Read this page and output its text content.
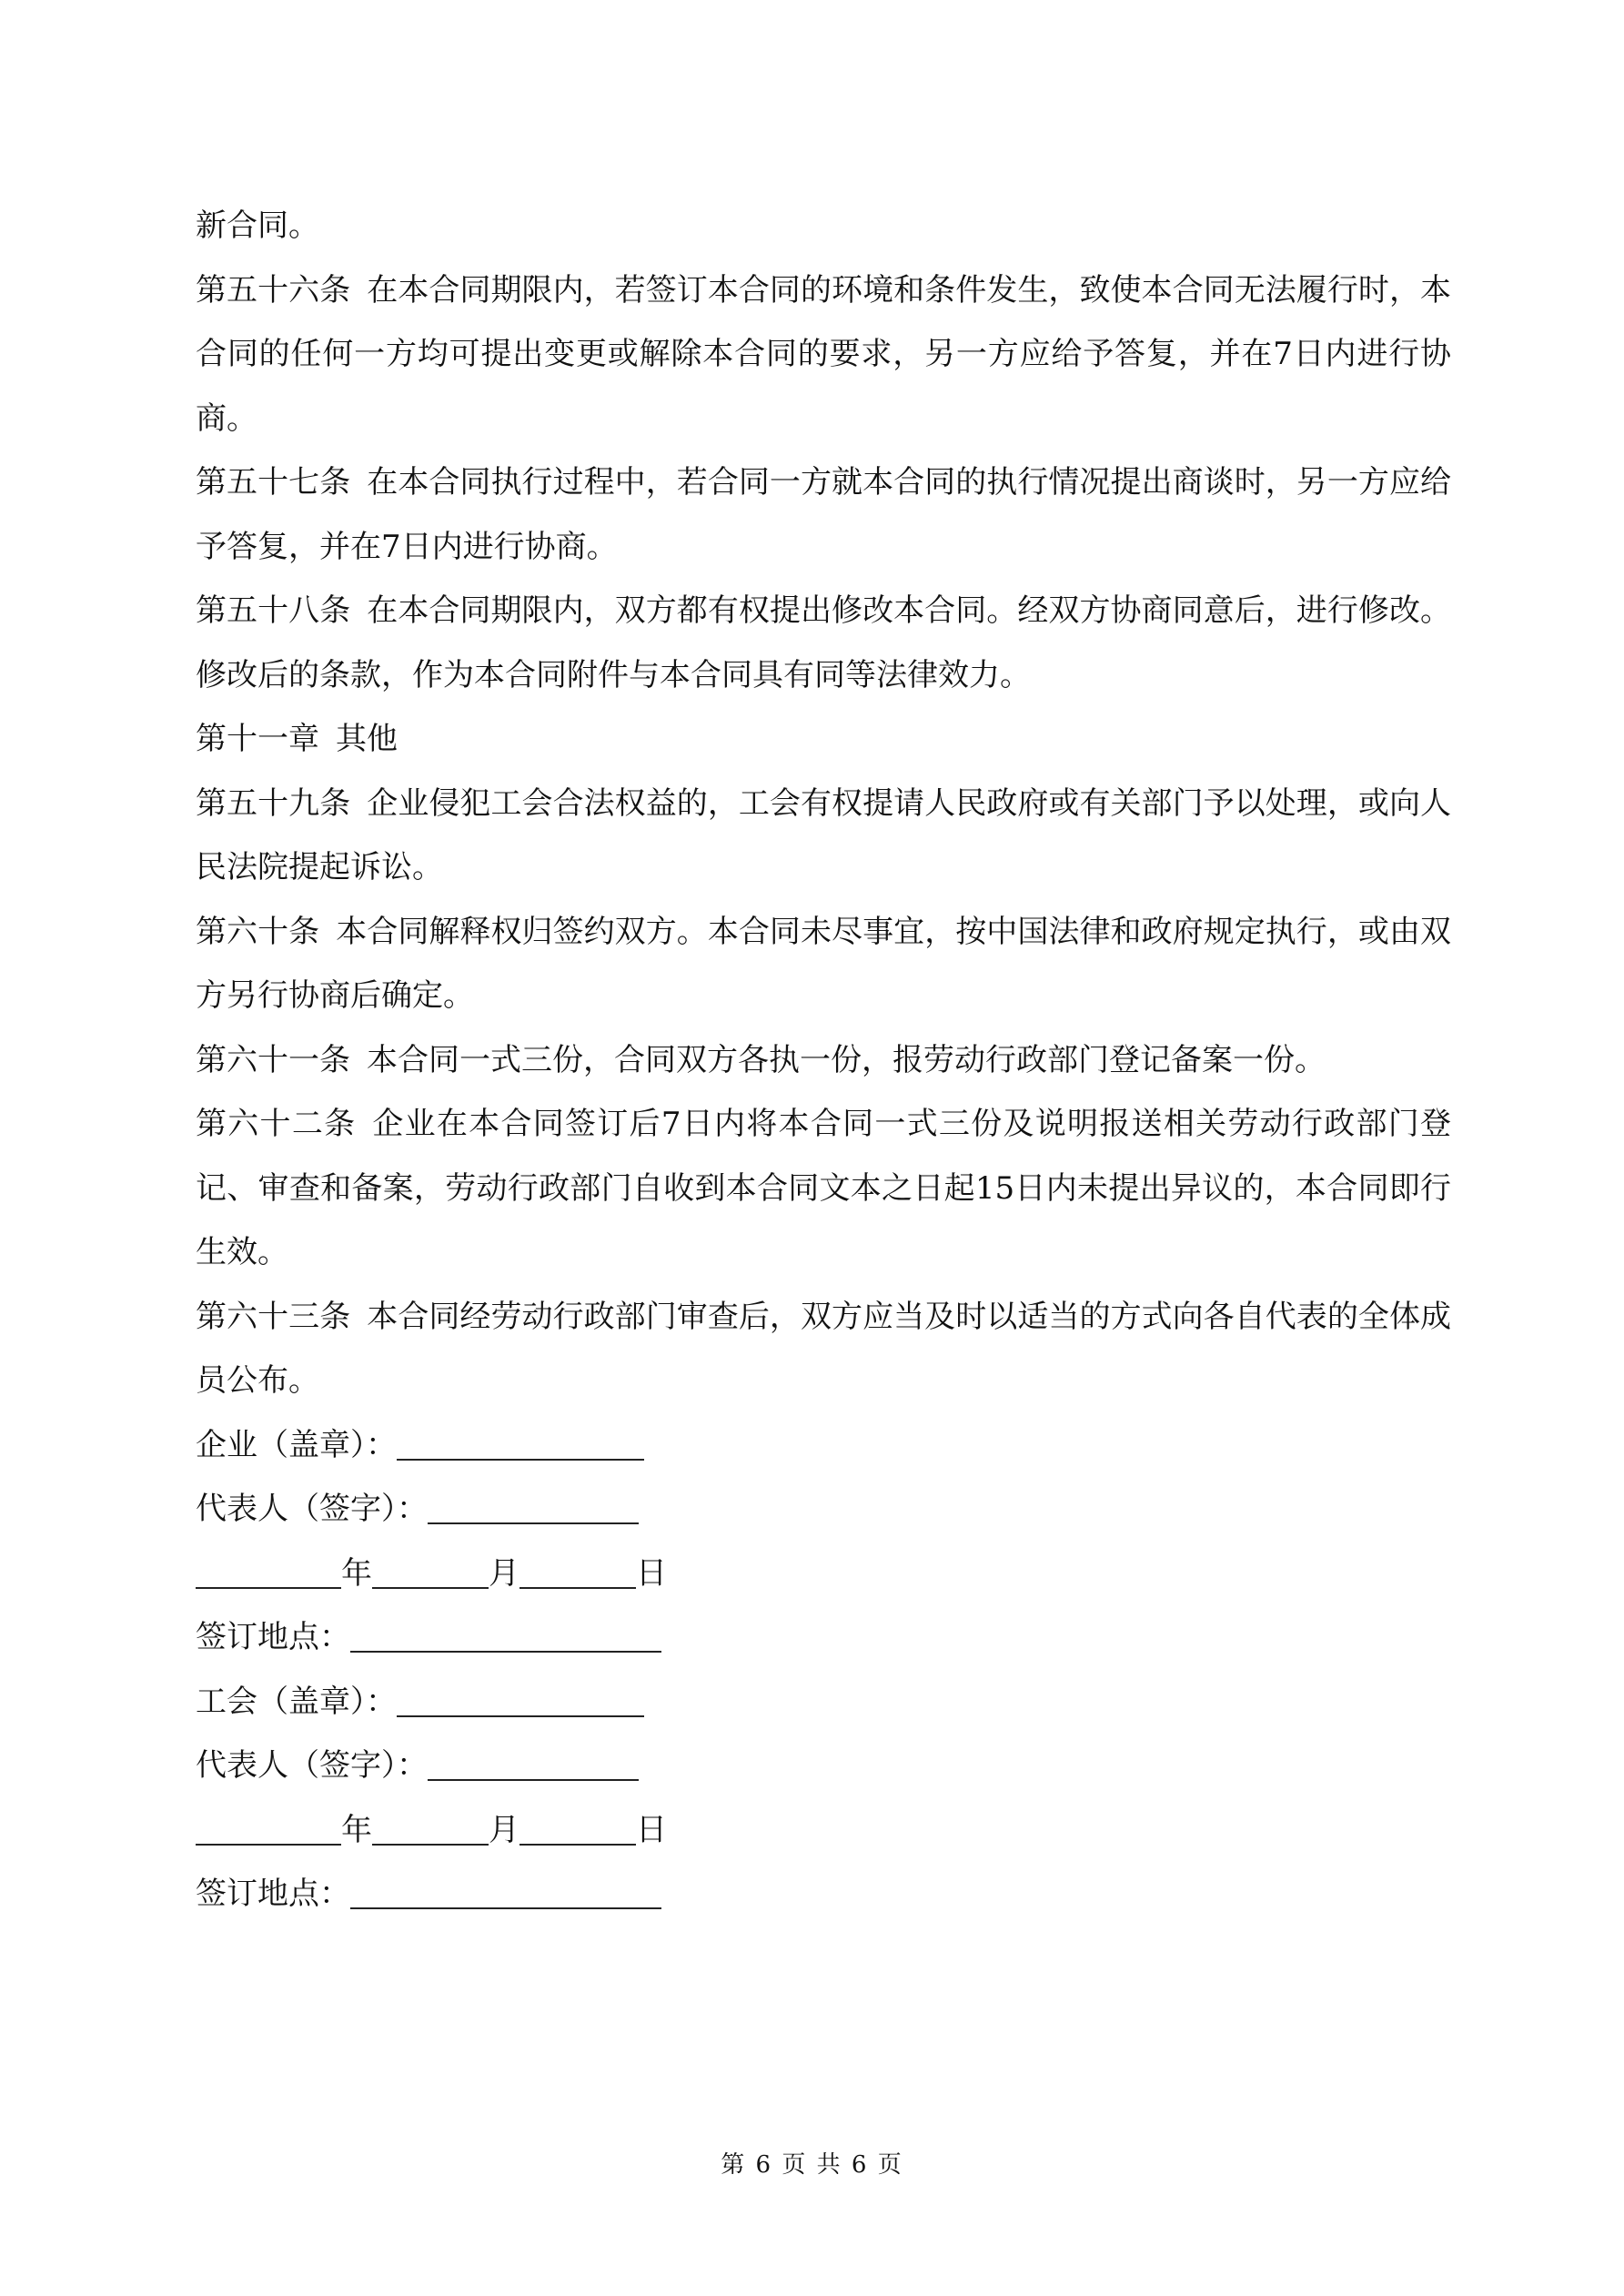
新合同。

第五十六条 在本合同期限内，若签订本合同的环境和条件发生，致使本合同无法履行时，本合同的任何一方均可提出变更或解除本合同的要求，另一方应给予答复，并在7日内进行协商。

第五十七条 在本合同执行过程中，若合同一方就本合同的执行情况提出商谈时，另一方应给予答复，并在7日内进行协商。

第五十八条 在本合同期限内，双方都有权提出修改本合同。经双方协商同意后，进行修改。修改后的条款，作为本合同附件与本合同具有同等法律效力。

第十一章 其他

第五十九条 企业侵犯工会合法权益的，工会有权提请人民政府或有关部门予以处理，或向人民法院提起诉讼。

第六十条 本合同解释权归签约双方。本合同未尽事宜，按中国法律和政府规定执行，或由双方另行协商后确定。

第六十一条 本合同一式三份，合同双方各执一份，报劳动行政部门登记备案一份。

第六十二条 企业在本合同签订后7日内将本合同一式三份及说明报送相关劳动行政部门登记、审查和备案，劳动行政部门自收到本合同文本之日起15日内未提出异议的，本合同即行生效。

第六十三条 本合同经劳动行政部门审查后，双方应当及时以适当的方式向各自代表的全体成员公布。

企业（盖章）：

代表人（签字）：

年	月	日

签订地点：

工会（盖章）：

代表人（签字）：

年	月	日

签订地点：

第 6 页 共 6 页
